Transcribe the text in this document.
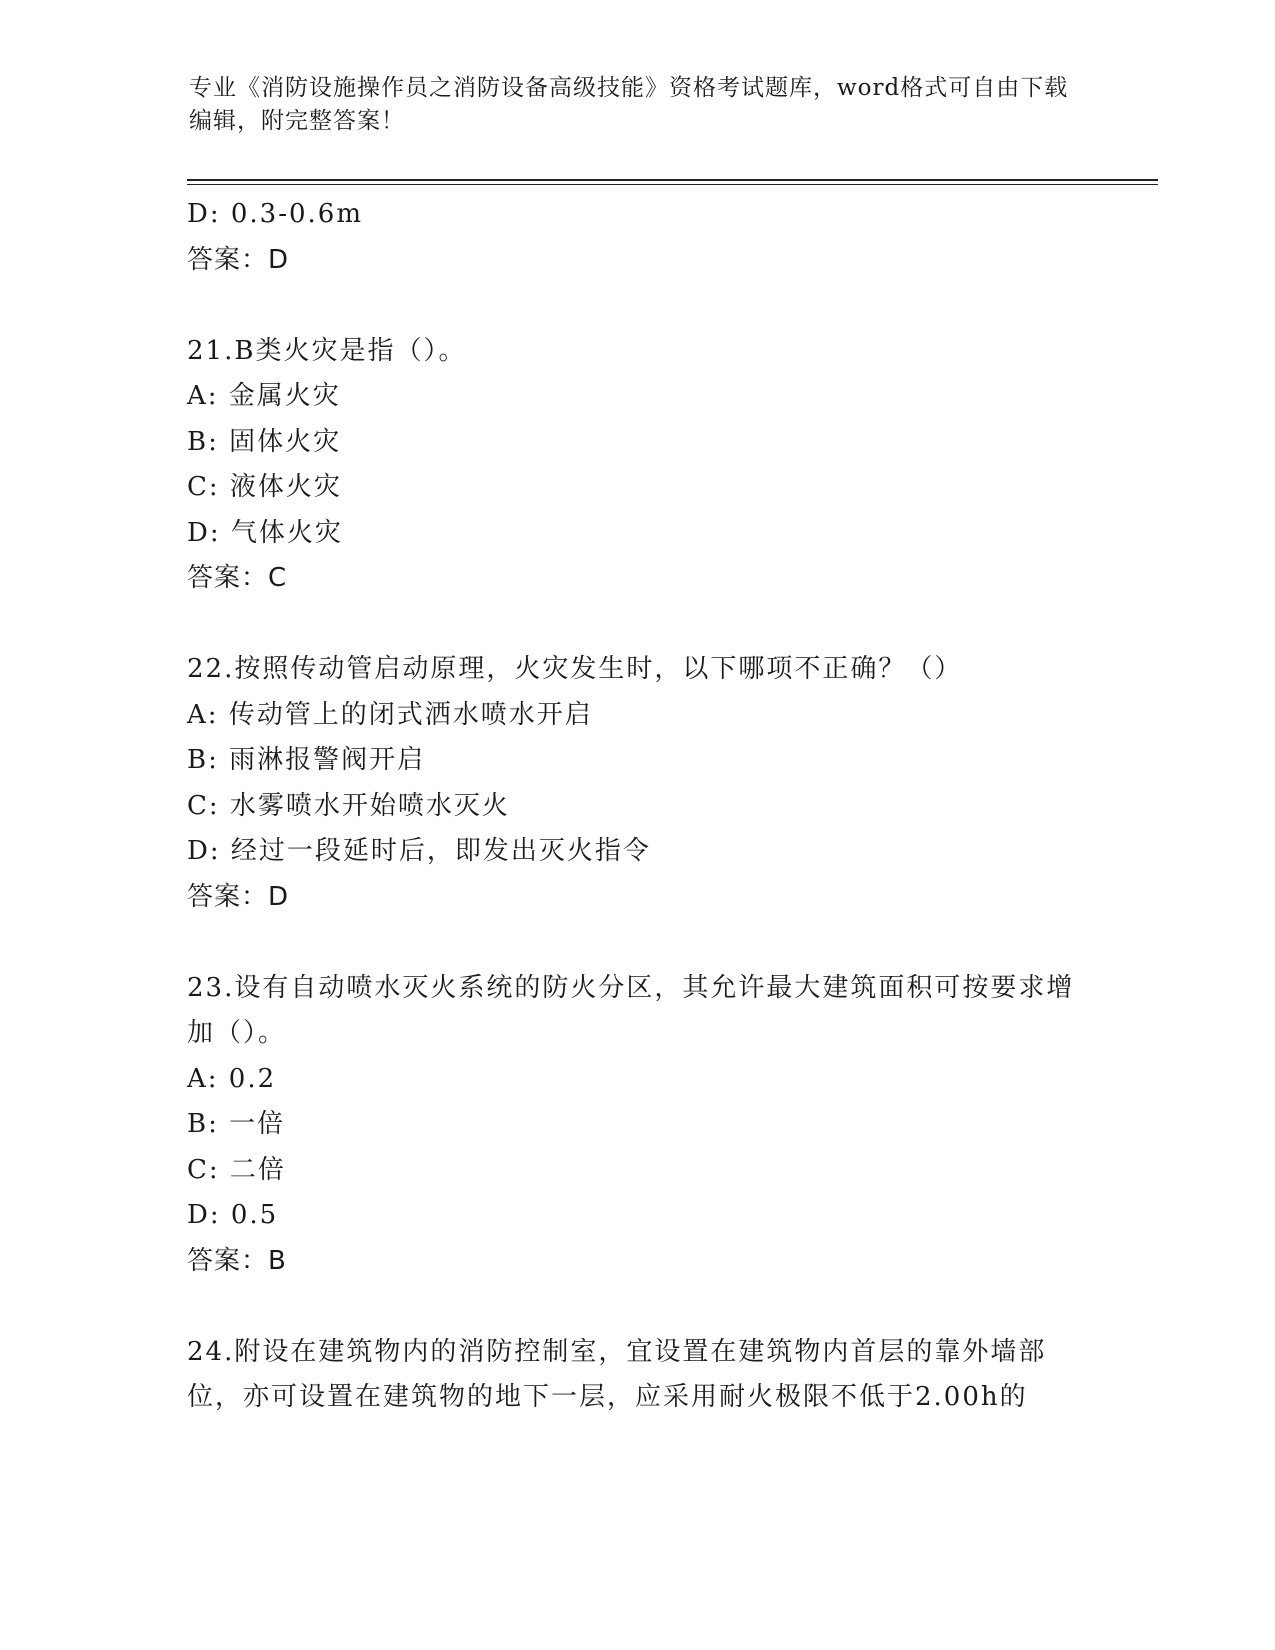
专业《消防设施操作员之消防设备高级技能》资格考试题库，word格式可自由下载编辑，附完整答案！
D: 0.3-0.6m
答案：D
21.B类火灾是指（）。
A: 金属火灾
B: 固体火灾
C: 液体火灾
D: 气体火灾
答案：C
22.按照传动管启动原理，火灾发生时，以下哪项不正确？（）
A: 传动管上的闭式洒水喷水开启
B: 雨淋报警阀开启
C: 水雾喷水开始喷水灭火
D: 经过一段延时后，即发出灭火指令
答案：D
23.设有自动喷水灭火系统的防火分区，其允许最大建筑面积可按要求增加（）。
A: 0.2
B: 一倍
C: 二倍
D: 0.5
答案：B
24.附设在建筑物内的消防控制室，宜设置在建筑物内首层的靠外墙部位，亦可设置在建筑物的地下一层，应采用耐火极限不低于2.00h的
